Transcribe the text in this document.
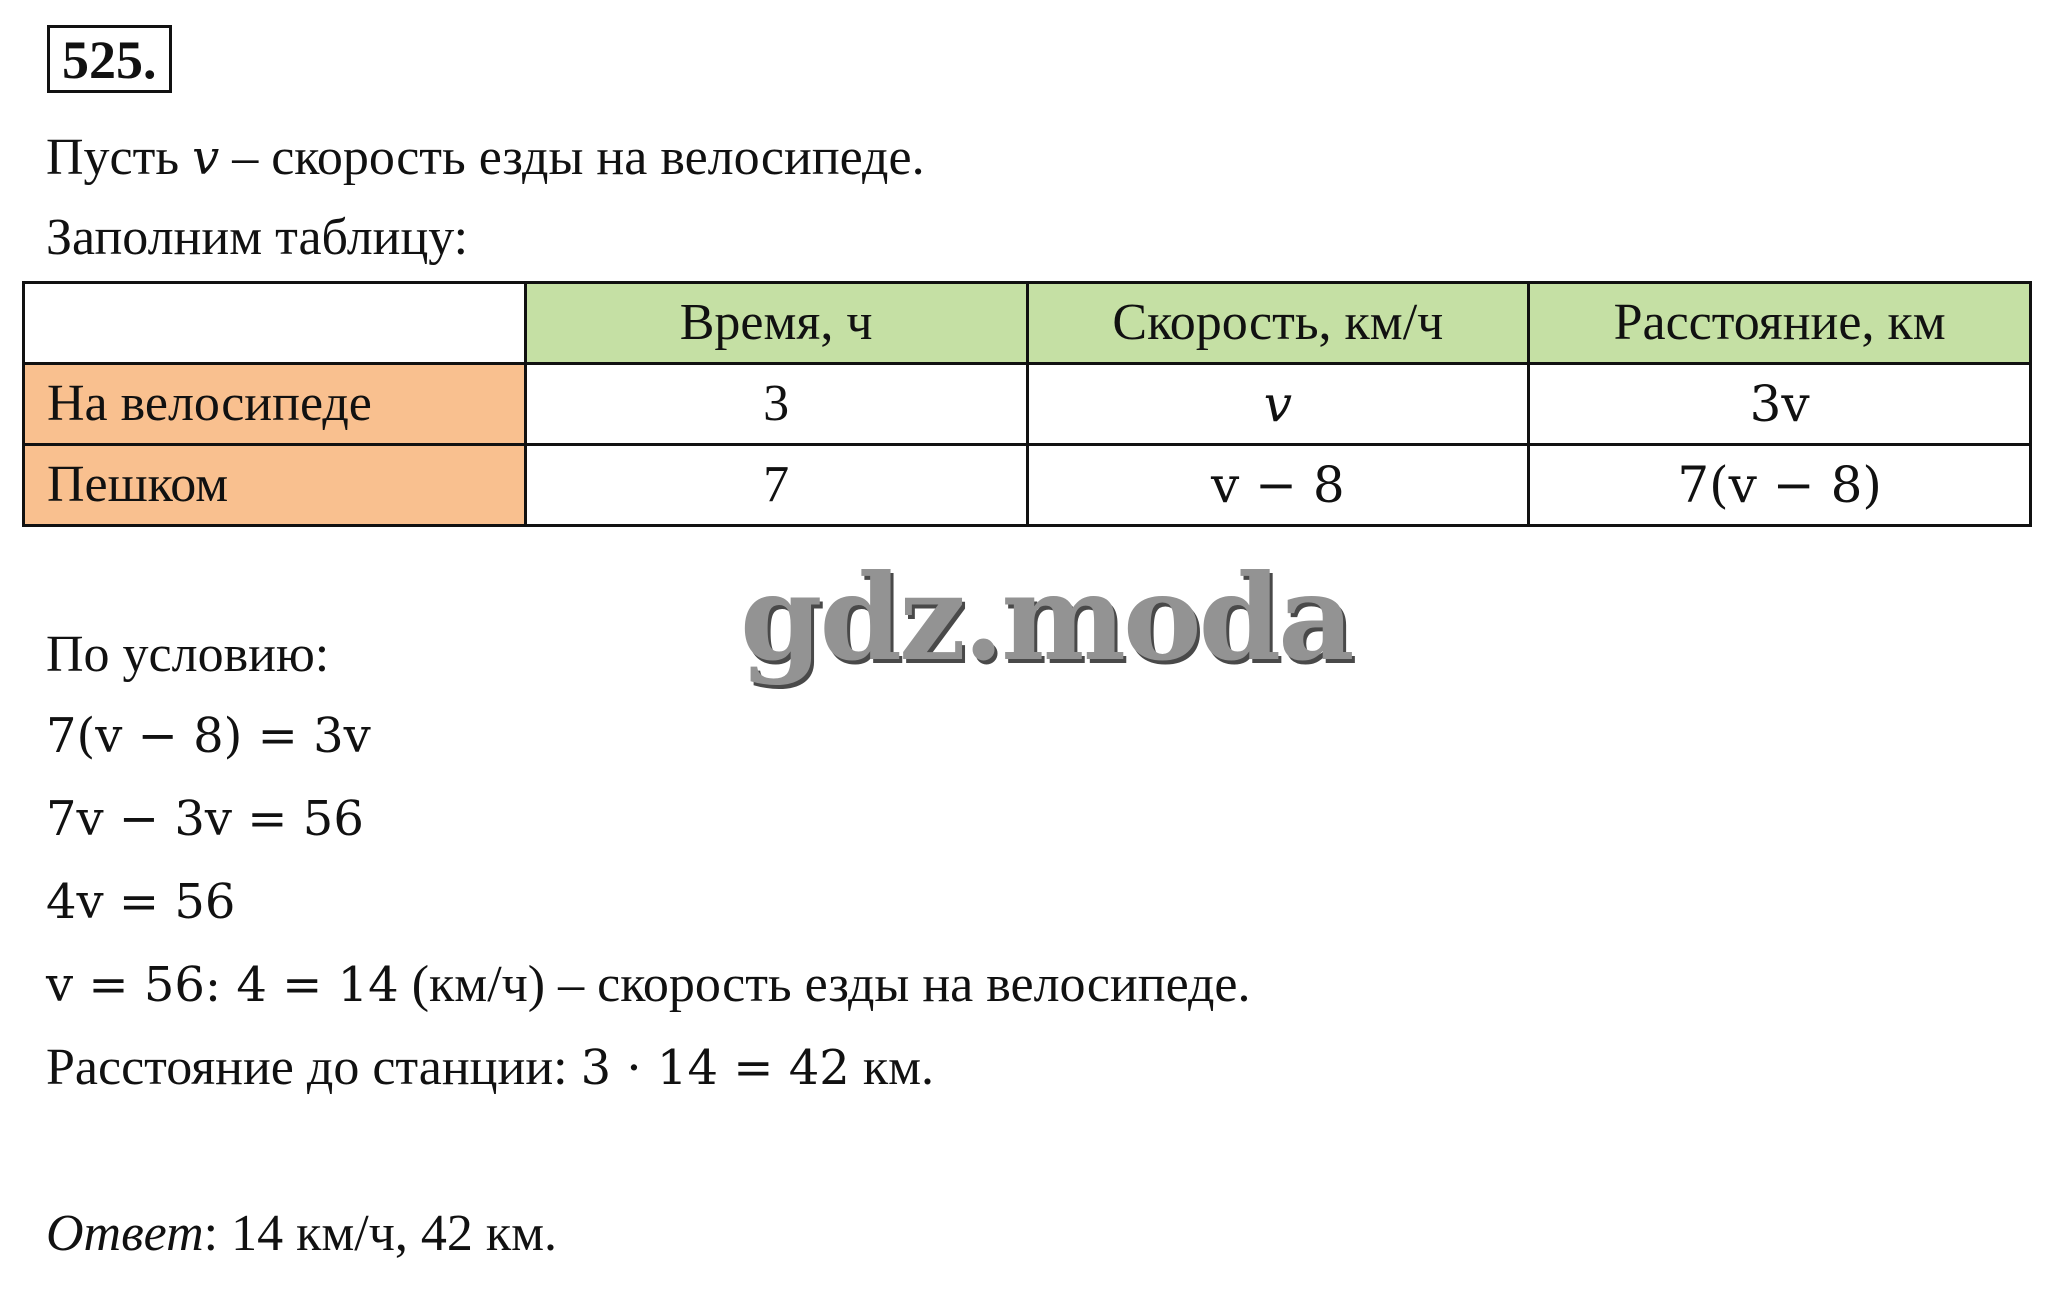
525.
Пусть v – скорость езды на велосипеде.
Заполним таблицу:
	Время, ч	Скорость, км/ч	Расстояние, км
На велосипеде	3	v	3v
Пешком	7	v − 8	7(v − 8)
gdz.moda
По условию:
7(v − 8) = 3v
7v − 3v = 56
4v = 56
v = 56: 4 = 14 (км/ч) – скорость езды на велосипеде.
Расстояние до станции: 3 · 14 = 42 км.
Ответ: 14 км/ч, 42 км.
